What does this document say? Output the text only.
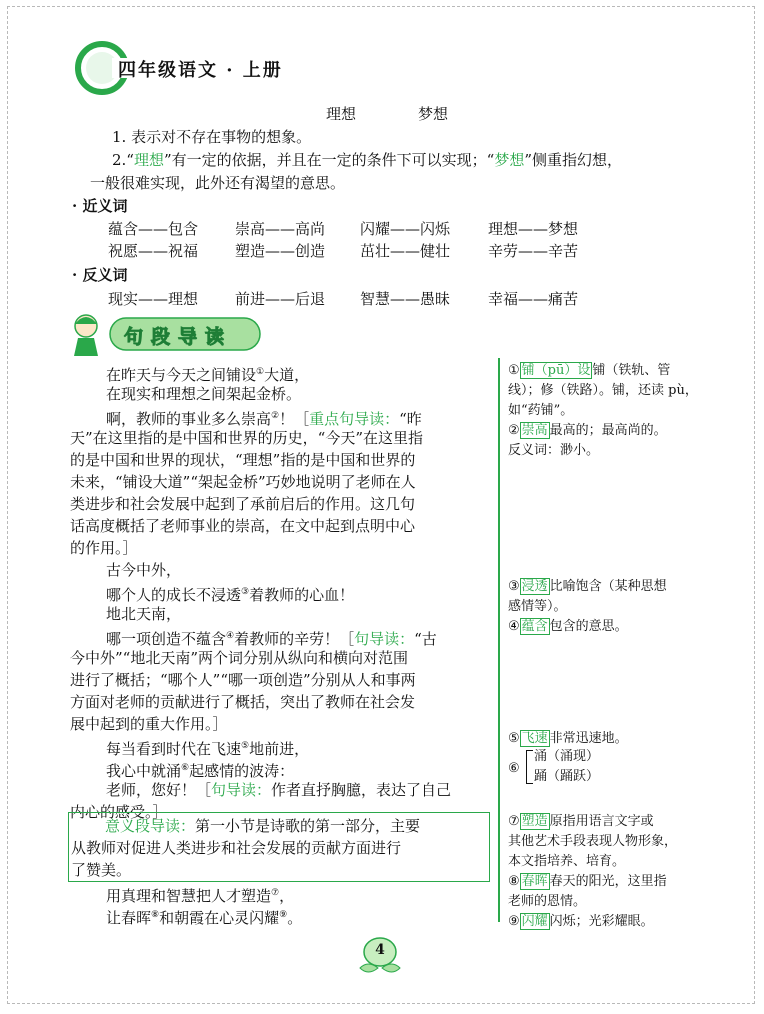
四年级语文 · 上册
理想	梦想
1. 表示对不存在事物的想象。
2.“理想”有一定的依据，并且在一定的条件下可以实现；“梦想”侧重指幻想，
一般很难实现，此外还有渴望的意思。
· 近义词
蕴含——包含 崇高——高尚 闪耀——闪烁	理想——梦想
祝愿——祝福 塑造——创造 茁壮——健壮	辛劳——辛苦
· 反义词
现实——理想 前进——后退 智慧——愚昧	幸福——痛苦
句段导读
在昨天与今天之间铺设①大道，
在现实和理想之间架起金桥。
啊，教师的事业多么崇高②！［重点句导读：“昨
天”在这里指的是中国和世界的历史，“今天”在这里指
的是中国和世界的现状，“理想”指的是中国和世界的
未来，“铺设大道”“架起金桥”巧妙地说明了老师在人
类进步和社会发展中起到了承前启后的作用。这几句
话高度概括了老师事业的崇高，在文中起到点明中心
的作用。］
古今中外，
哪个人的成长不浸透③着教师的心血！
地北天南，
哪一项创造不蕴含④着教师的辛劳！［句导读：“古
今中外”“地北天南”两个词分别从纵向和横向对范围
进行了概括；“哪个人”“哪一项创造”分别从人和事两
方面对老师的贡献进行了概括，突出了教师在社会发
展中起到的重大作用。］
每当看到时代在飞速⑤地前进，
我心中就涌⑥起感情的波涛：
老师，您好！［句导读：作者直抒胸臆，表达了自己
内心的感受。］
意义段导读：第一小节是诗歌的第一部分，主要
从教师对促进人类进步和社会发展的贡献方面进行
了赞美。
用真理和智慧把人才塑造⑦，
让春晖⑧和朝霞在心灵闪耀⑨。
① 铺（pū）设 铺（铁轨、管
线）；修（铁路）。铺，还读 pù，
如“药铺”。
② 崇高 最高的；最高尚的。
反义词：渺小。
③ 浸透 比喻饱含（某种思想
感情等）。
④ 蕴含 包含的意思。
⑤ 飞速 非常迅速地。
⑥
涌（涌现）
踊（踊跃）
⑦ 塑造 原指用语言文字或
其他艺术手段表现人物形象，
本文指培养、培育。
⑧ 春晖 春天的阳光，这里指
老师的恩情。
⑨ 闪耀 闪烁；光彩耀眼。
4
